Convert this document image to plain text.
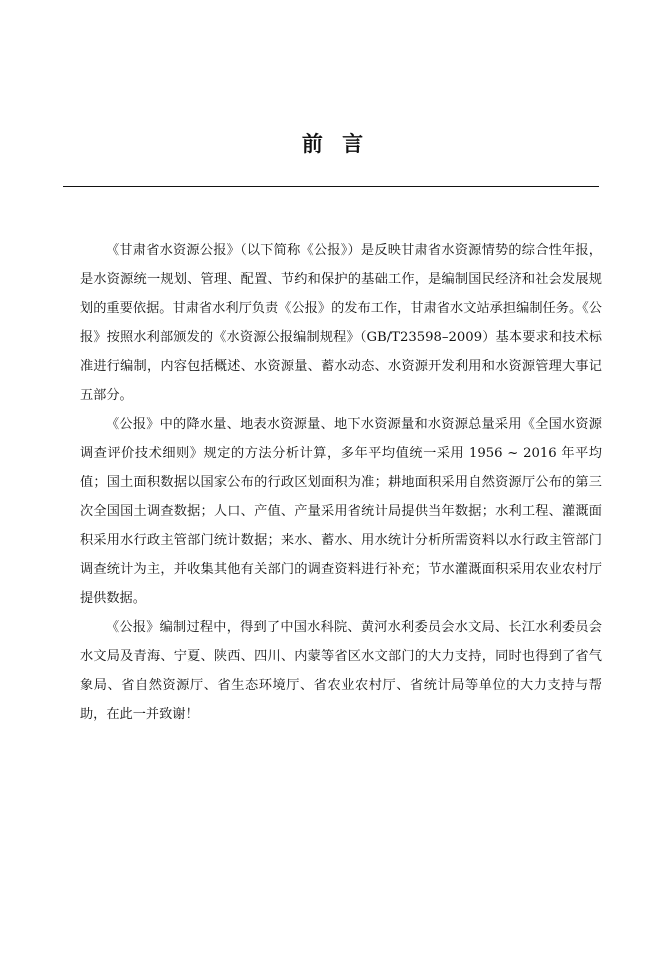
前 言

《甘肃省水资源公报》（以下简称《公报》）是反映甘肃省水资源情势的综合性年报，是水资源统一规划、管理、配置、节约和保护的基础工作，是编制国民经济和社会发展规划的重要依据。甘肃省水利厅负责《公报》的发布工作，甘肃省水文站承担编制任务。《公报》按照水利部颁发的《水资源公报编制规程》（GB/T23598–2009）基本要求和技术标准进行编制，内容包括概述、水资源量、蓄水动态、水资源开发利用和水资源管理大事记五部分。

《公报》中的降水量、地表水资源量、地下水资源量和水资源总量采用《全国水资源调查评价技术细则》规定的方法分析计算，多年平均值统一采用 1956 ~ 2016 年平均值；国土面积数据以国家公布的行政区划面积为准；耕地面积采用自然资源厅公布的第三次全国国土调查数据；人口、产值、产量采用省统计局提供当年数据；水利工程、灌溉面积采用水行政主管部门统计数据；来水、蓄水、用水统计分析所需资料以水行政主管部门调查统计为主，并收集其他有关部门的调查资料进行补充；节水灌溉面积采用农业农村厅提供数据。

《公报》编制过程中，得到了中国水科院、黄河水利委员会水文局、长江水利委员会水文局及青海、宁夏、陕西、四川、内蒙等省区水文部门的大力支持，同时也得到了省气象局、省自然资源厅、省生态环境厅、省农业农村厅、省统计局等单位的大力支持与帮助，在此一并致谢！
